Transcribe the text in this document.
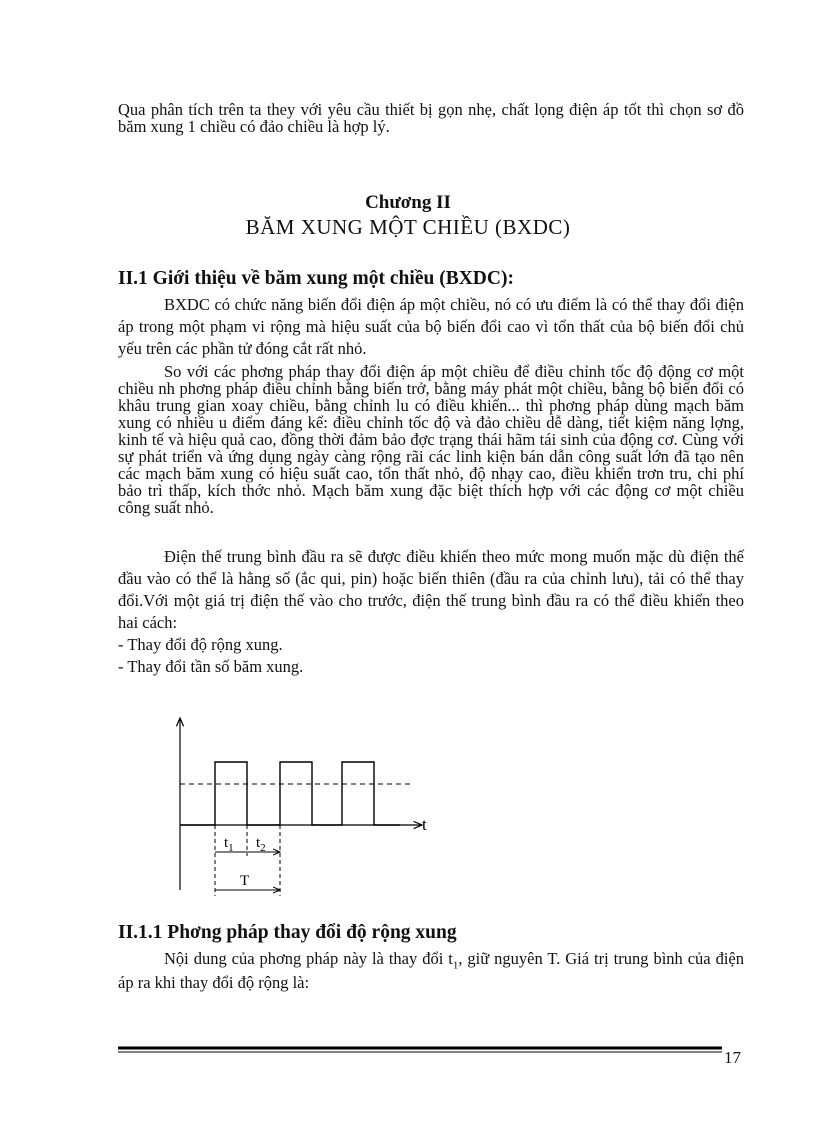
Qua phân tích trên ta they với yêu cầu thiết bị gọn nhẹ, chất lọng điện áp tốt thì chọn sơ đồ băm xung 1 chiều có đảo chiều là hợp lý.

Chương II
BĂM XUNG MỘT CHIỀU (BXDC)
II.1 Giới thiệu về băm xung một chiều (BXDC):

BXDC có chức năng biến đổi điện áp một chiều, nó có ưu điểm là có thể thay đổi điện áp trong một phạm vi rộng mà hiệu suất của bộ biến đổi cao vì tổn thất của bộ biến đổi chủ yếu trên các phần tử đóng cắt rất nhỏ.

So với các phơng pháp thay đổi điện áp một chiều để điều chỉnh tốc độ động cơ một chiều nh phơng pháp điều chỉnh bằng biến trở, bằng máy phát một chiều, bằng bộ biến đổi có khâu trung gian xoay chiều, bằng chỉnh lu có điều khiển... thì phơng pháp dùng mạch băm xung có nhiều u điểm đáng kể: điều chỉnh tốc độ và đảo chiều dễ dàng, tiết kiệm năng lợng, kinh tế và hiệu quả cao, đồng thời đảm bảo đợc trạng thái hãm tái sinh của động cơ. Cùng với sự phát triển và ứng dụng ngày càng rộng rãi các linh kiện bán dẫn công suất lớn đã tạo nên các mạch băm xung có hiệu suất cao, tổn thất nhỏ, độ nhạy cao, điều khiển trơn tru, chi phí bảo trì thấp, kích thớc nhỏ. Mạch băm xung đặc biệt thích hợp với các động cơ một chiều công suất nhỏ.

Điện thế trung bình đầu ra sẽ được điều khiển theo mức mong muốn mặc dù điện thế đầu vào có thể là hằng số (ắc qui, pin) hoặc biến thiên (đầu ra của chỉnh lưu), tải có thể thay đổi.Với một giá trị điện thế vào cho trước, điện thế trung bình đầu ra có thể điều khiển theo hai cách:

- Thay đổi độ rộng xung.
- Thay đổi tần số băm xung.
t
$t_1$ $t_2$
T
II.1.1 Phơng pháp thay đổi độ rộng xung

Nội dung của phơng pháp này là thay đổi $t_1$, giữ nguyên T. Giá trị trung bình của điện áp ra khi thay đổi độ rộng là:

17
